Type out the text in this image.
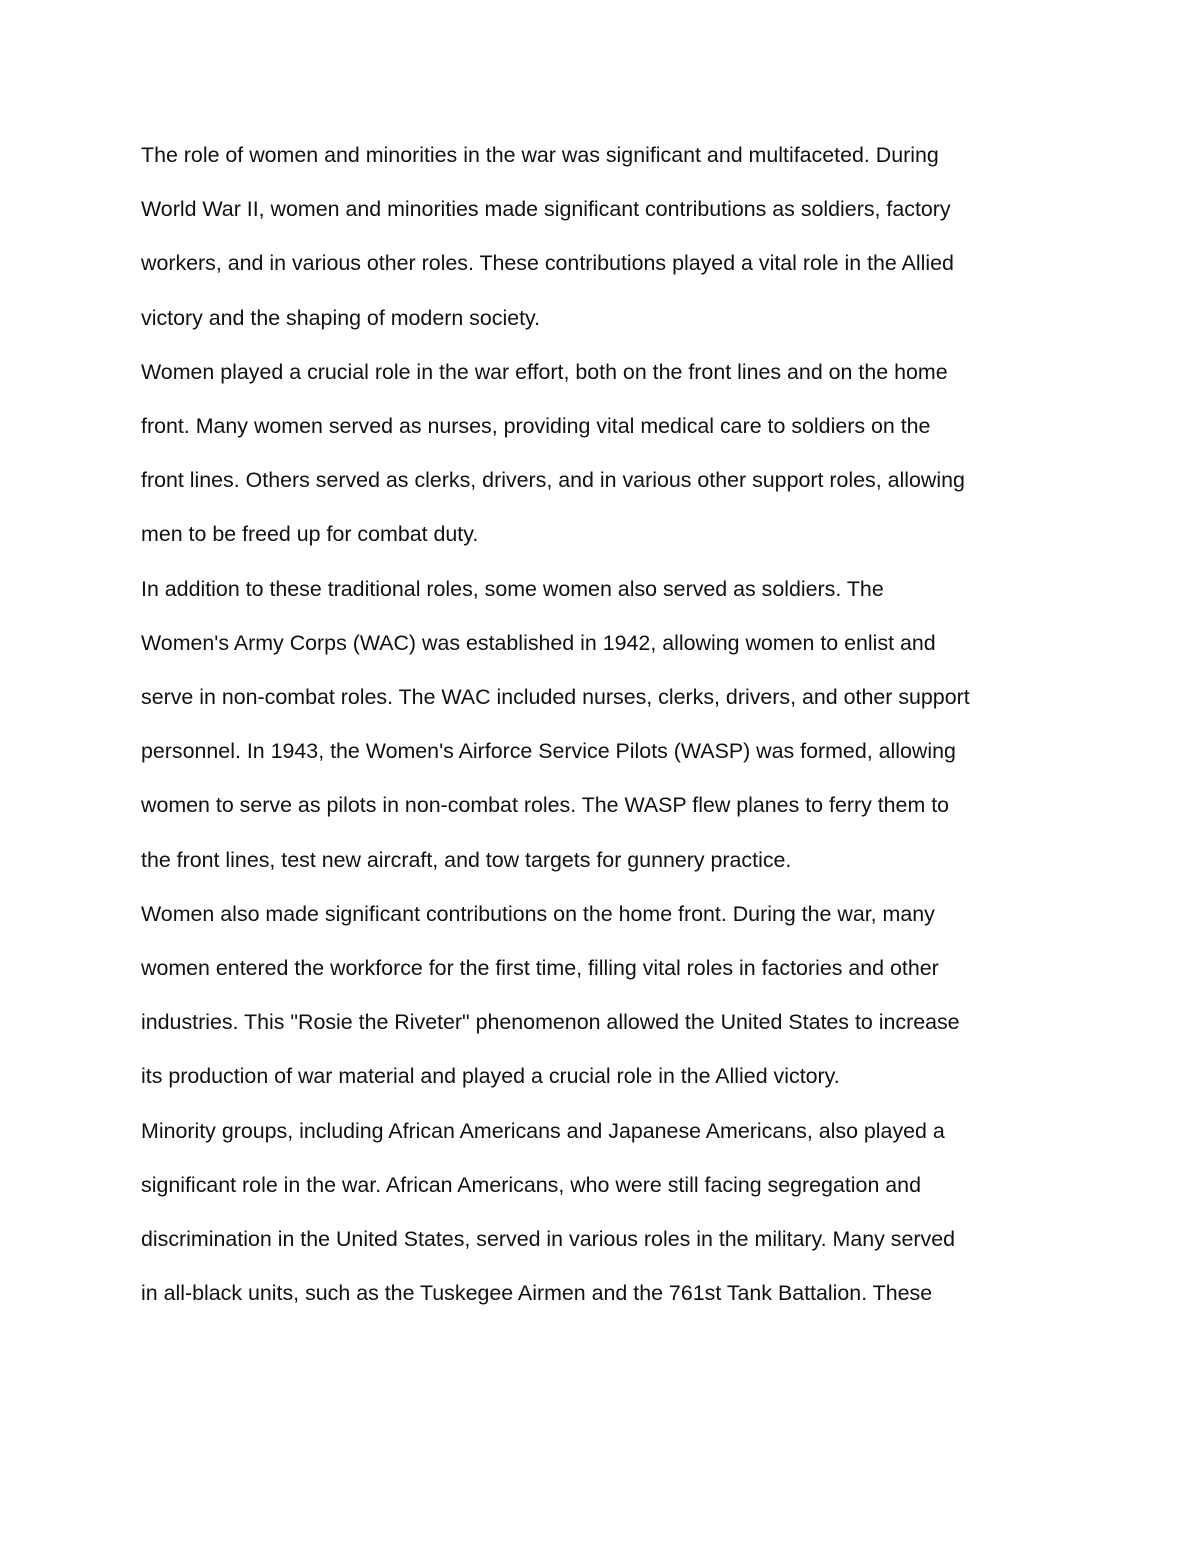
The role of women and minorities in the war was significant and multifaceted. During
World War II, women and minorities made significant contributions as soldiers, factory
workers, and in various other roles. These contributions played a vital role in the Allied
victory and the shaping of modern society.

Women played a crucial role in the war effort, both on the front lines and on the home
front. Many women served as nurses, providing vital medical care to soldiers on the
front lines. Others served as clerks, drivers, and in various other support roles, allowing
men to be freed up for combat duty.

In addition to these traditional roles, some women also served as soldiers. The
Women's Army Corps (WAC) was established in 1942, allowing women to enlist and
serve in non-combat roles. The WAC included nurses, clerks, drivers, and other support
personnel. In 1943, the Women's Airforce Service Pilots (WASP) was formed, allowing
women to serve as pilots in non-combat roles. The WASP flew planes to ferry them to
the front lines, test new aircraft, and tow targets for gunnery practice.

Women also made significant contributions on the home front. During the war, many
women entered the workforce for the first time, filling vital roles in factories and other
industries. This "Rosie the Riveter" phenomenon allowed the United States to increase
its production of war material and played a crucial role in the Allied victory.

Minority groups, including African Americans and Japanese Americans, also played a
significant role in the war. African Americans, who were still facing segregation and
discrimination in the United States, served in various roles in the military. Many served
in all-black units, such as the Tuskegee Airmen and the 761st Tank Battalion. These
